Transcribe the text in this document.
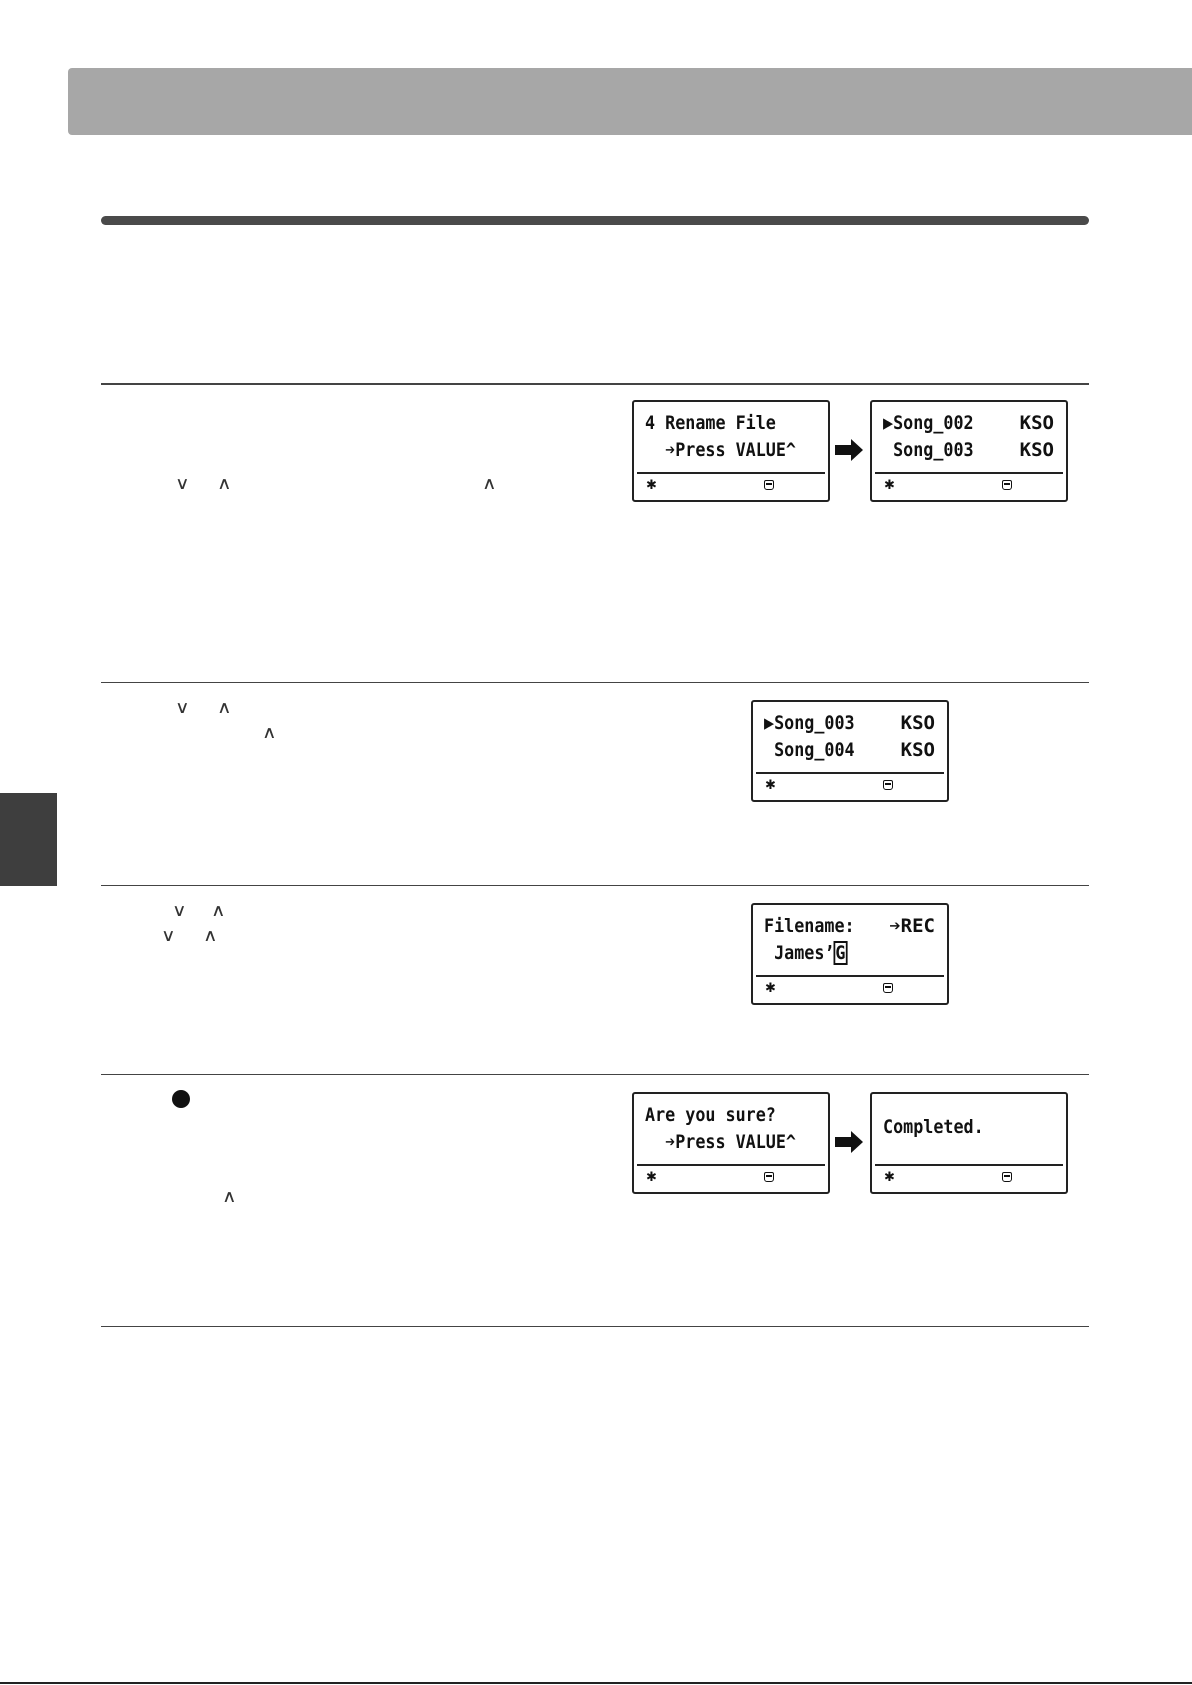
∨ ∧	∧
∨ ∧
∧
∨ ∧
∨ ∧
∧
4 Rename File
➔Press VALUE^
✱
▶Song_002	KSO
Song_003	KSO
✱
▶Song_003	KSO
Song_004	KSO
✱
Filename:	➔REC
James’G
✱
Are you sure?
➔Press VALUE^
✱
Completed.
✱
